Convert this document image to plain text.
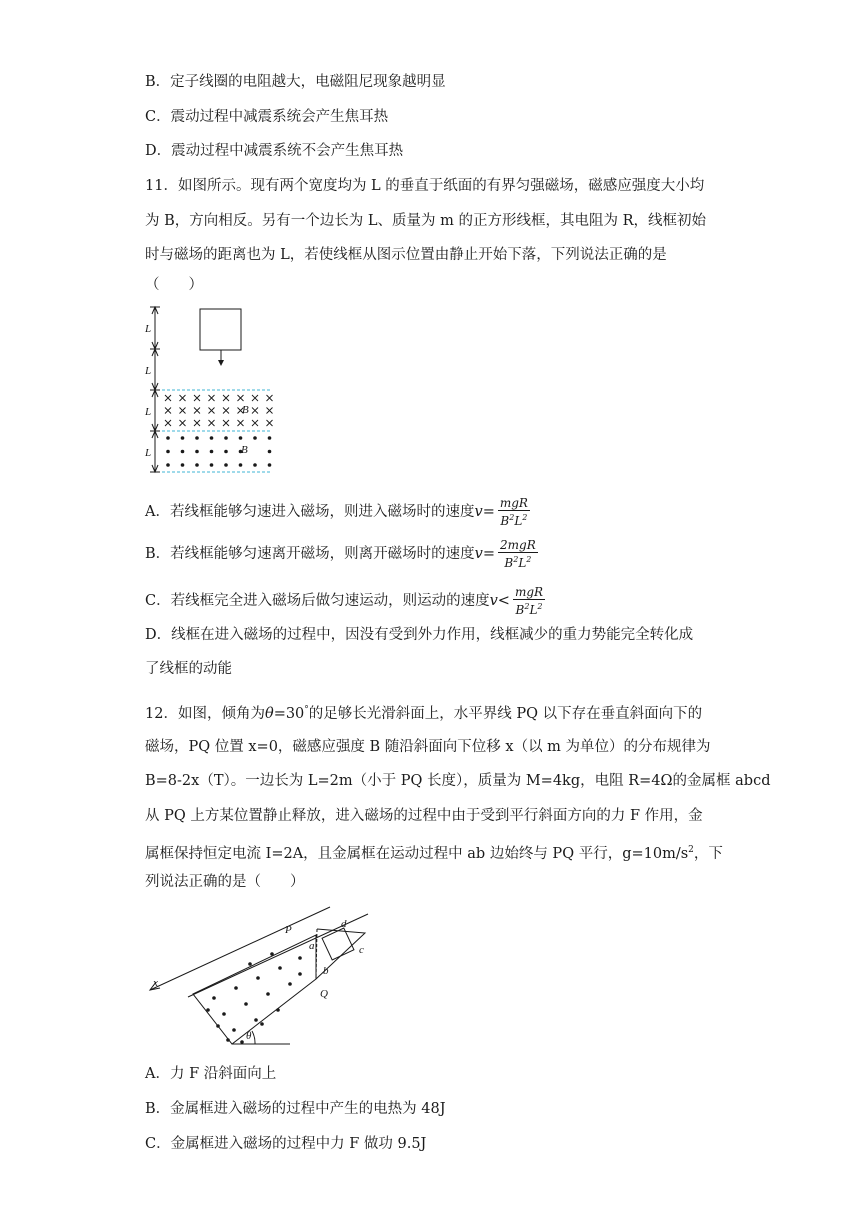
B．定子线圈的电阻越大，电磁阻尼现象越明显
C．震动过程中减震系统会产生焦耳热
D．震动过程中减震系统不会产生焦耳热
11．如图所示。现有两个宽度均为 L 的垂直于纸面的有界匀强磁场，磁感应强度大小均
为 B，方向相反。另有一个边长为 L、质量为 m 的正方形线框，其电阻为 R，线框初始
时与磁场的距离也为 L，若使线框从图示位置由静止开始下落，下列说法正确的是
（　　）
L
L
L
L
B
B
A．若线框能够匀速进入磁场，则进入磁场时的速度$v= \frac{\text{mgR}}{B^2L^2}$
B．若线框能够匀速离开磁场，则离开磁场时的速度$v= \frac{\text{2mgR}}{B^2L^2}$
C．若线框完全进入磁场后做匀速运动，则运动的速度$v< \frac{\text{mgR}}{B^2L^2}$
D．线框在进入磁场的过程中，因没有受到外力作用，线框减少的重力势能完全转化成
了线框的动能
12．如图，倾角为θ=30°的足够长光滑斜面上，水平界线 PQ 以下存在垂直斜面向下的
磁场，PQ 位置 x=0，磁感应强度 B 随沿斜面向下位移 x（以 m 为单位）的分布规律为
B=8-2x（T）。一边长为 L=2m（小于 PQ 长度），质量为 M=4kg，电阻 R=4Ω的金属框 abcd
从 PQ 上方某位置静止释放，进入磁场的过程中由于受到平行斜面方向的力 F 作用，金
属框保持恒定电流 I=2A，且金属框在运动过程中 ab 边始终与 PQ 平行，$g=10m/s^2$，下
列说法正确的是（　　）
x
P
Q
a
b
c
d
θ
A．力 F 沿斜面向上
B．金属框进入磁场的过程中产生的电热为 48J
C．金属框进入磁场的过程中力 F 做功 9.5J
